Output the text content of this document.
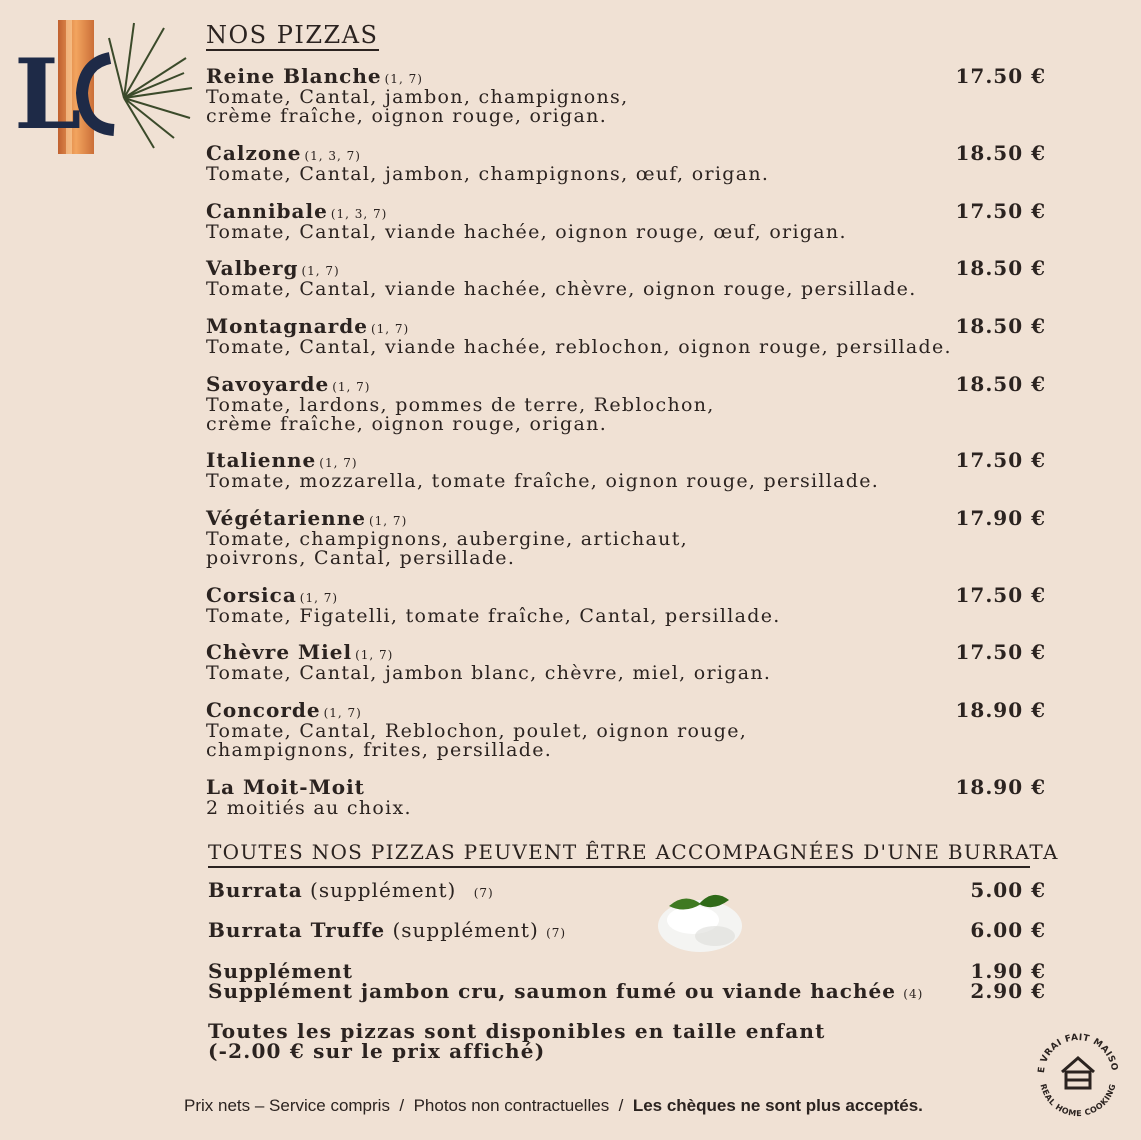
L
NOS PIZZAS
Reine Blanche (1, 7)
Tomate, Cantal, jambon, champignons,
crème fraîche, oignon rouge, origan.
17.50 €
Calzone (1, 3, 7)
Tomate, Cantal, jambon, champignons, œuf, origan.
18.50 €
Cannibale (1, 3, 7)
Tomate, Cantal, viande hachée, oignon rouge, œuf, origan.
17.50 €
Valberg (1, 7)
Tomate, Cantal, viande hachée, chèvre, oignon rouge, persillade.
18.50 €
Montagnarde (1, 7)
Tomate, Cantal, viande hachée, reblochon, oignon rouge, persillade.
18.50 €
Savoyarde (1, 7)
Tomate, lardons, pommes de terre, Reblochon,
crème fraîche, oignon rouge, origan.
18.50 €
Italienne (1, 7)
Tomate, mozzarella, tomate fraîche, oignon rouge, persillade.
17.50 €
Végétarienne (1, 7)
Tomate, champignons, aubergine, artichaut,
poivrons, Cantal, persillade.
17.90 €
Corsica (1, 7)
Tomate, Figatelli, tomate fraîche, Cantal, persillade.
17.50 €
Chèvre Miel (1, 7)
Tomate, Cantal, jambon blanc, chèvre, miel, origan.
17.50 €
Concorde (1, 7)
Tomate, Cantal, Reblochon, poulet, oignon rouge,
champignons, frites, persillade.
18.90 €
La Moit-Moit
2 moitiés au choix.
18.90 €
TOUTES NOS PIZZAS PEUVENT ÊTRE ACCOMPAGNÉES D'UNE BURRATA
Burrata (supplément) (7)	5.00 €
Burrata Truffe (supplément) (7)	6.00 €
Supplément	1.90 €
Supplément jambon cru, saumon fumé ou viande hachée (4) 2.90 €
Toutes les pizzas sont disponibles en taille enfant
(-2.00 € sur le prix affiché)
Prix nets – Service compris  /  Photos non contractuelles  /  Les chèques ne sont plus acceptés.
E VRAI FAIT MAISO
REAL HOME COOKING
